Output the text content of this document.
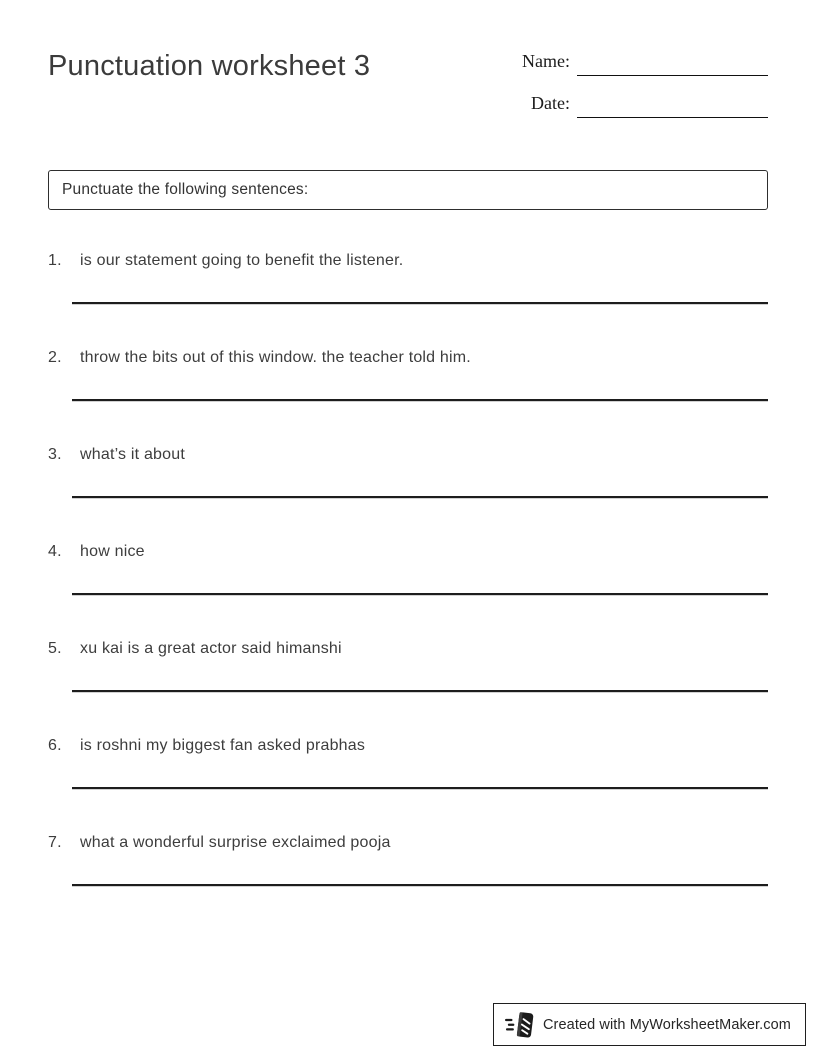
Punctuation worksheet 3	Name:
Date:
Punctuate the following sentences:
1.	is our statement going to benefit the listener.
2.	throw the bits out of this window. the teacher told him.
3.	what’s it about
4.	how nice
5.	xu kai is a great actor said himanshi
6.	is roshni my biggest fan asked prabhas
7.	what a wonderful surprise exclaimed pooja
Created with MyWorksheetMaker.com
